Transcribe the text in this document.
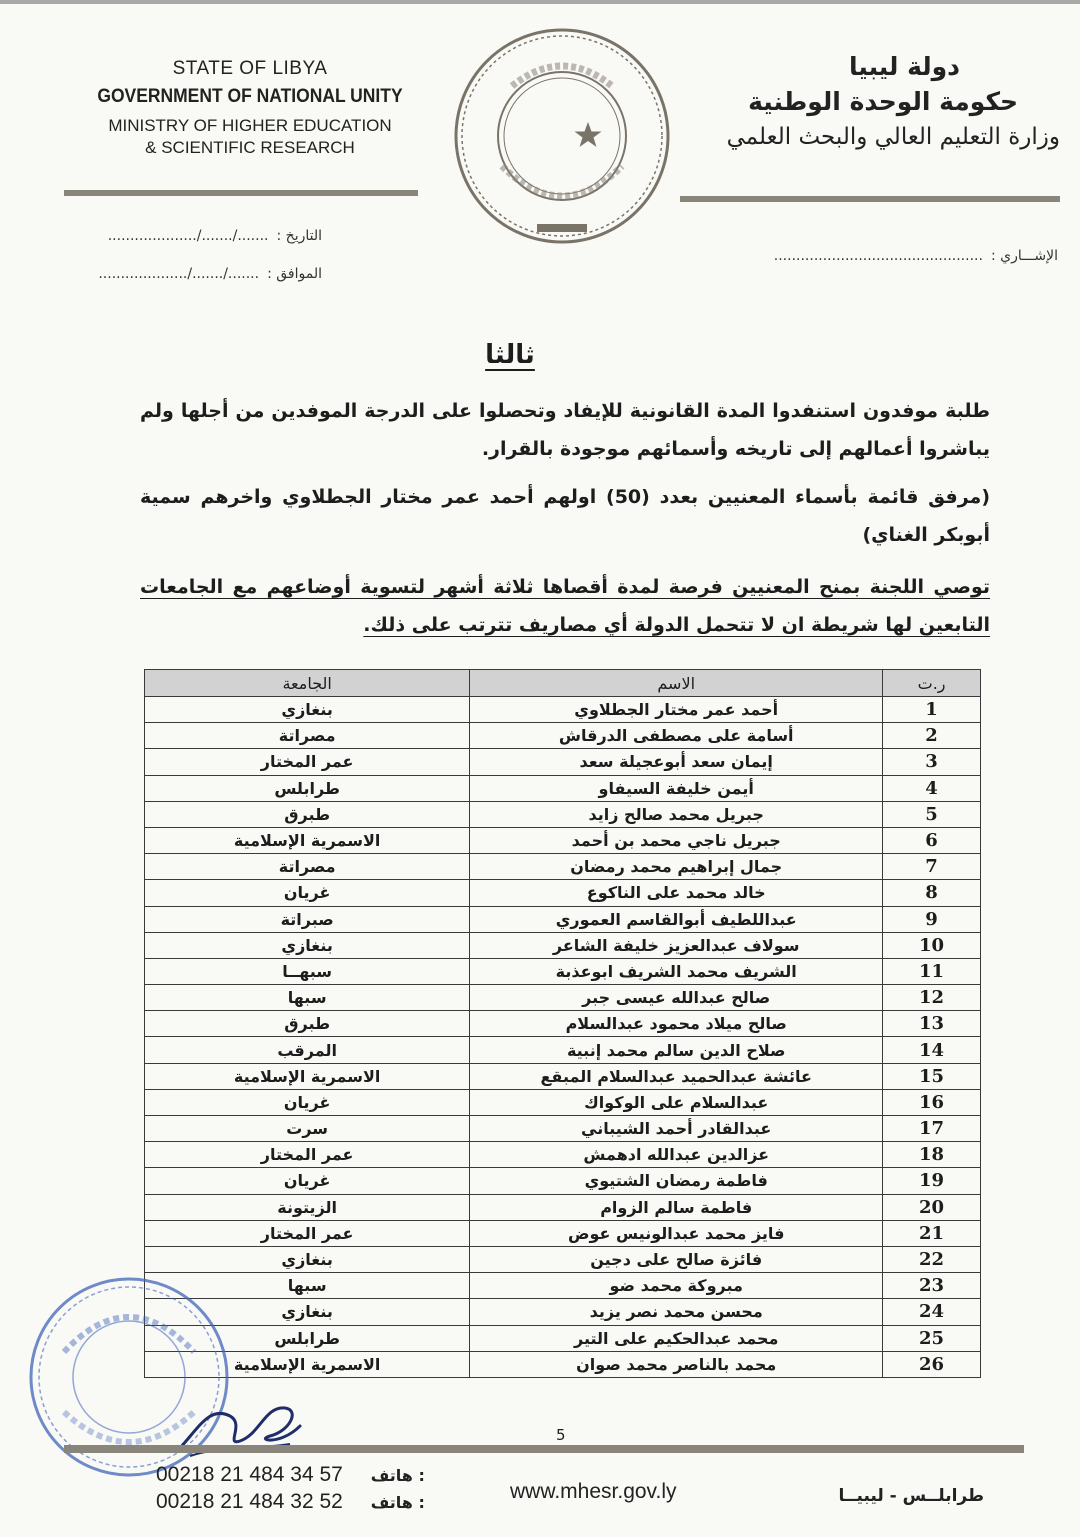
STATE OF LIBYA
GOVERNMENT OF NATIONAL UNITY
MINISTRY OF HIGHER EDUCATION
& SCIENTIFIC RESEARCH
دولة ليبيا
حكومة الوحدة الوطنية
وزارة التعليم العالي والبحث العلمي
التاريخ :......./......./....................
الموافق :......./......./....................
الإشـــاري :...............................................
ثالثا
طلبة موفدون استنفدوا المدة القانونية للإيفاد وتحصلوا على الدرجة الموفدين من أجلها ولم يباشروا أعمالهم إلى تاريخه وأسمائهم موجودة بالقرار.
(مرفق قائمة بأسماء المعنيين بعدد (50) اولهم أحمد عمر مختار الجطلاوي واخرهم سمية أبوبكر الغناي)
توصي اللجنة بمنح المعنيين فرصة لمدة أقصاها ثلاثة أشهر لتسوية أوضاعهم مع الجامعات التابعين لها شريطة ان لا تتحمل الدولة أي مصاريف تترتب على ذلك.
ر.ت	الاسم	الجامعة
1	أحمد عمر مختار الجطلاوي	بنغازي
2	أسامة على مصطفى الدرقاش	مصراتة
3	إيمان سعد أبوعجيلة سعد	عمر المختار
4	أيمن خليفة السيفاو	طرابلس
5	جبريل محمد صالح زايد	طبرق
6	جبريل ناجي محمد بن أحمد	الاسمرية الإسلامية
7	جمال إبراهيم محمد رمضان	مصراتة
8	خالد محمد على الناكوع	غريان
9	عبداللطيف أبوالقاسم العموري	صبراتة
10	سولاف عبدالعزيز خليفة الشاعر	بنغازي
11	الشريف محمد الشريف ابوعذبة	سبهــا
12	صالح عبدالله عيسى جبر	سبها
13	صالح ميلاد محمود عبدالسلام	طبرق
14	صلاح الدين سالم محمد إنبية	المرقب
15	عائشة عبدالحميد عبدالسلام المبقع	الاسمرية الإسلامية
16	عبدالسلام على الوكواك	غريان
17	عبدالقادر أحمد الشيباني	سرت
18	عزالدين عبدالله ادهمش	عمر المختار
19	فاطمة رمضان الشتيوي	غريان
20	فاطمة سالم الزوام	الزيتونة
21	فايز محمد عبدالونيس عوض	عمر المختار
22	فائزة صالح على دجين	بنغازي
23	مبروكة محمد ضو	سبها
24	محسن محمد نصر يزيد	بنغازي
25	محمد عبدالحكيم على التير	طرابلس
26	محمد بالناصر محمد صوان	الاسمرية الإسلامية
5
00218 21 484 34 57 هاتف :
00218 21 484 32 52 هاتف :	www.mhesr.gov.ly	طرابلــس - ليبيــا
